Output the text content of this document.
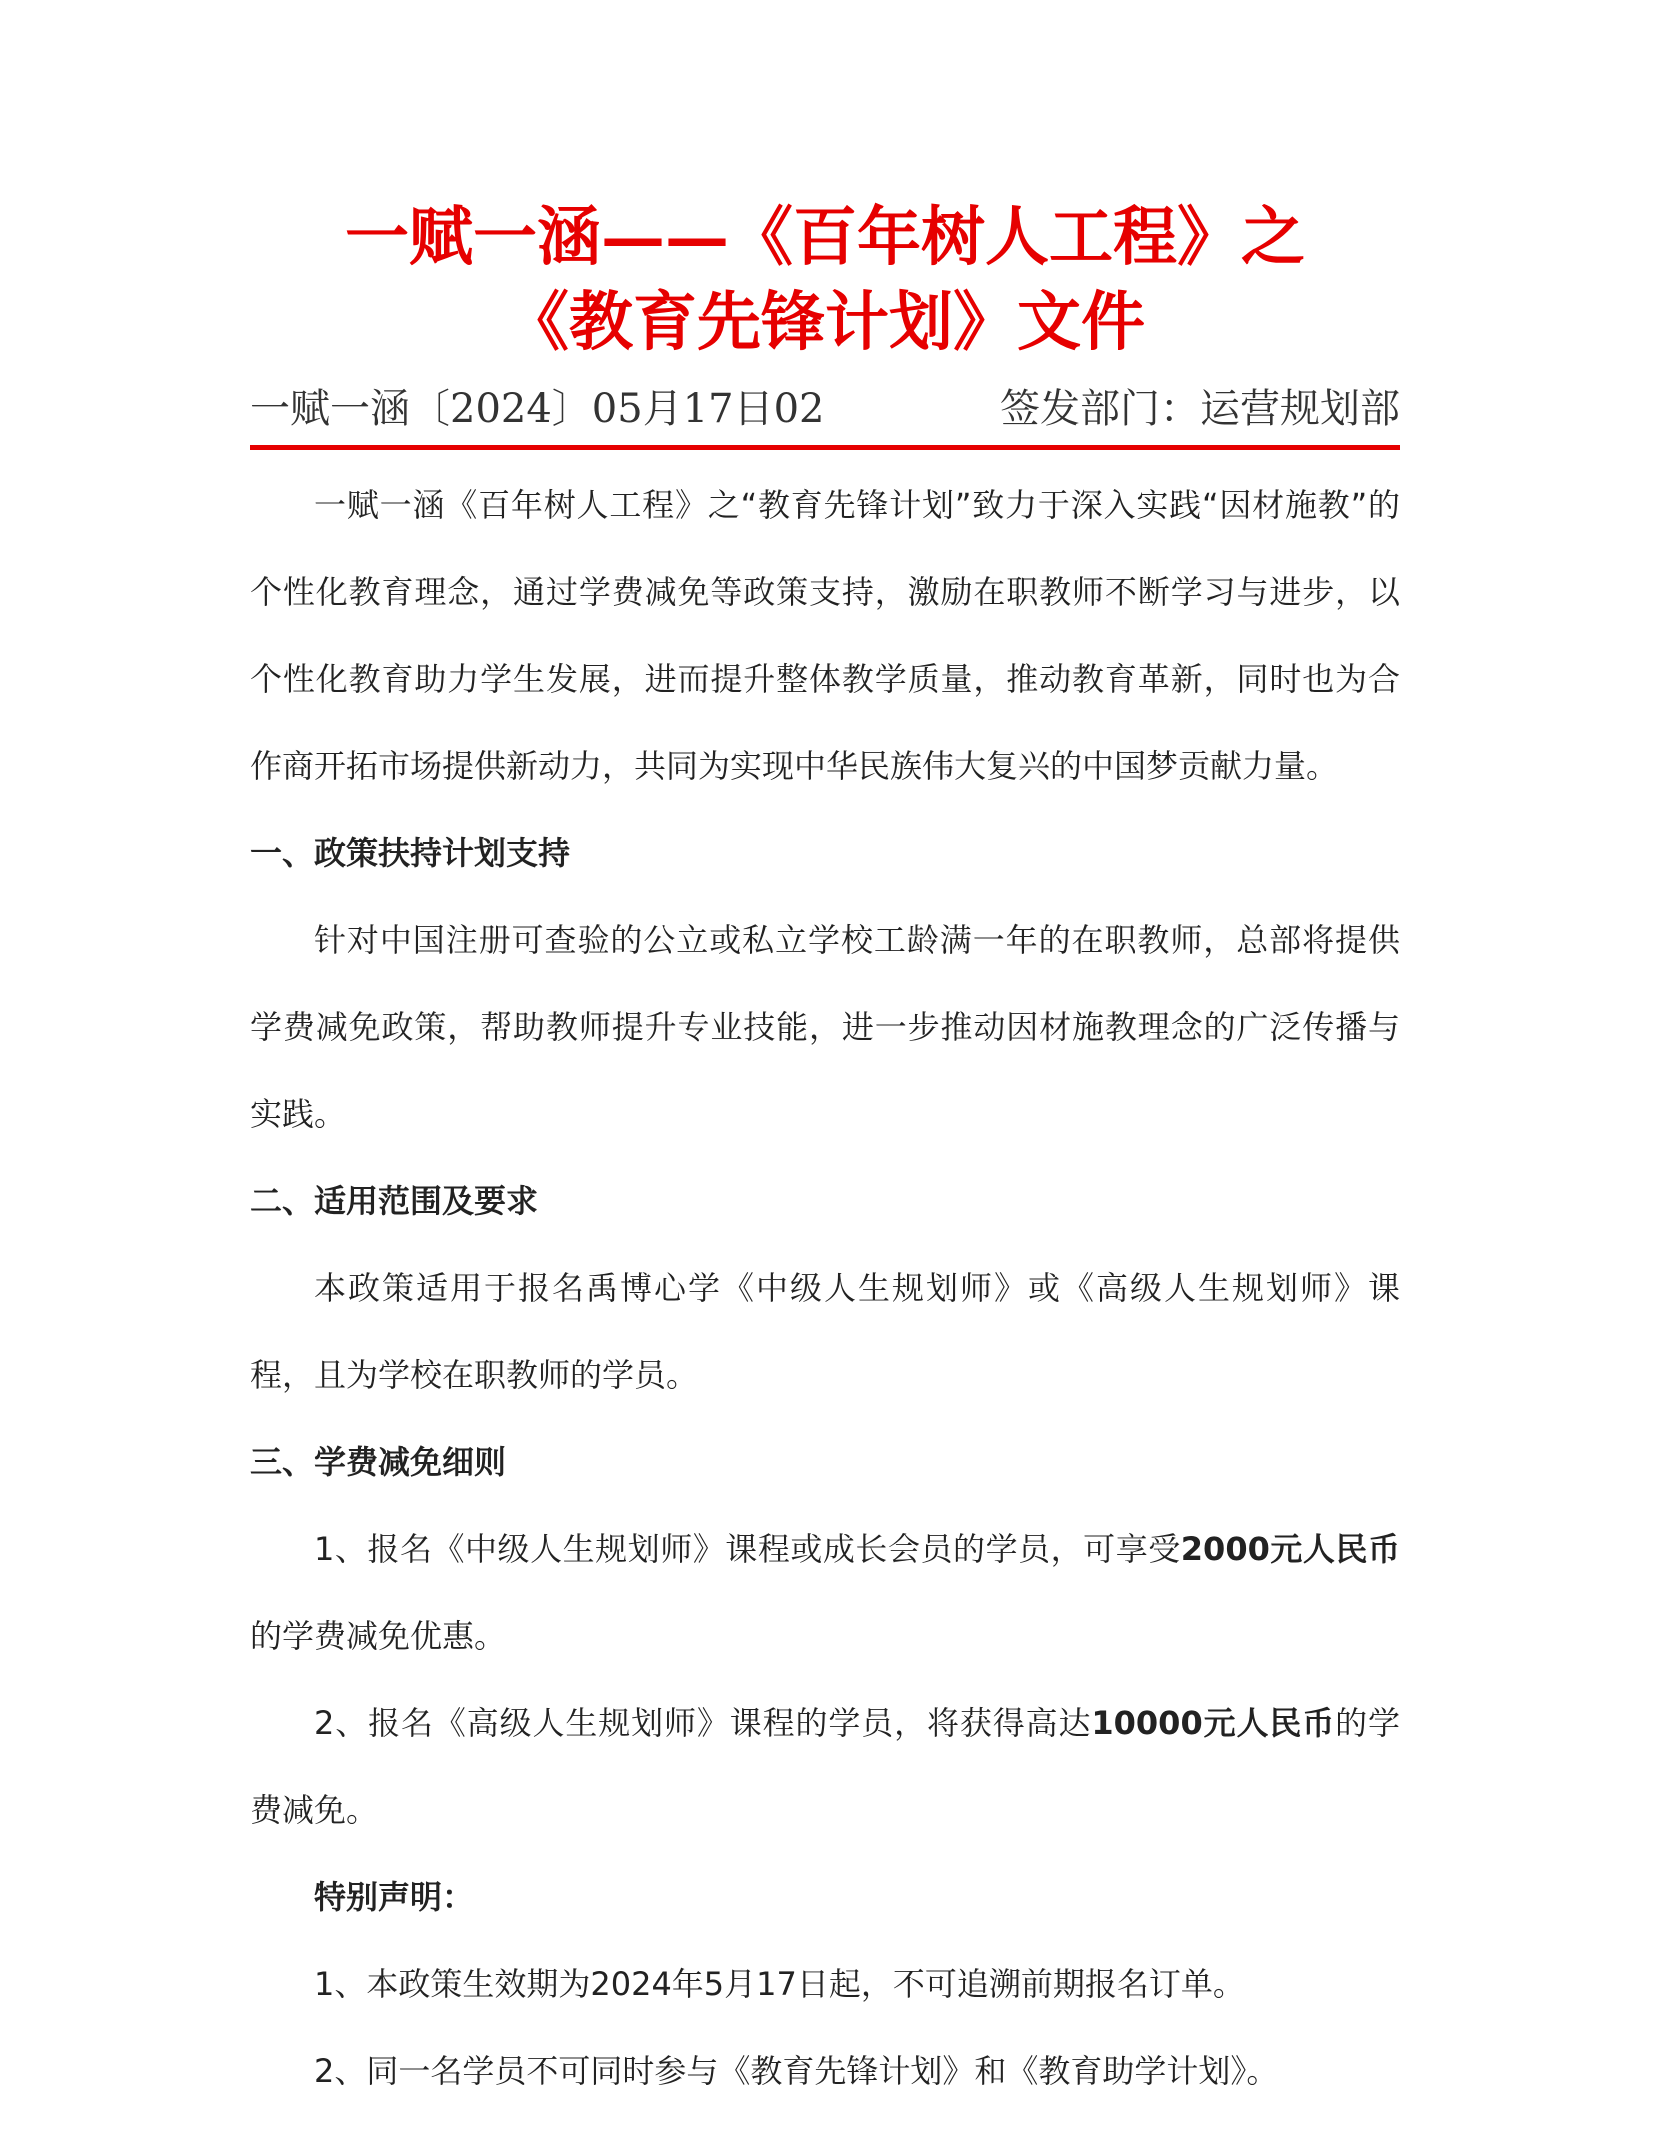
一赋一涵——《百年树人工程》之
《教育先锋计划》文件
一赋一涵〔2024〕05月17日02	签发部门：运营规划部

一赋一涵《百年树人工程》之“教育先锋计划”致力于深入实践“因材施教”的个性化教育理念，通过学费减免等政策支持，激励在职教师不断学习与进步，以个性化教育助力学生发展，进而提升整体教学质量，推动教育革新，同时也为合作商开拓市场提供新动力，共同为实现中华民族伟大复兴的中国梦贡献力量。

一、政策扶持计划支持

针对中国注册可查验的公立或私立学校工龄满一年的在职教师，总部将提供学费减免政策，帮助教师提升专业技能，进一步推动因材施教理念的广泛传播与实践。

二、适用范围及要求

本政策适用于报名禹博心学《中级人生规划师》或《高级人生规划师》课程，且为学校在职教师的学员。

三、学费减免细则

1、报名《中级人生规划师》课程或成长会员的学员，可享受2000元人民币的学费减免优惠。

2、报名《高级人生规划师》课程的学员，将获得高达10000元人民币的学费减免。

特别声明：

1、本政策生效期为2024年5月17日起，不可追溯前期报名订单。

2、同一名学员不可同时参与《教育先锋计划》和《教育助学计划》。
